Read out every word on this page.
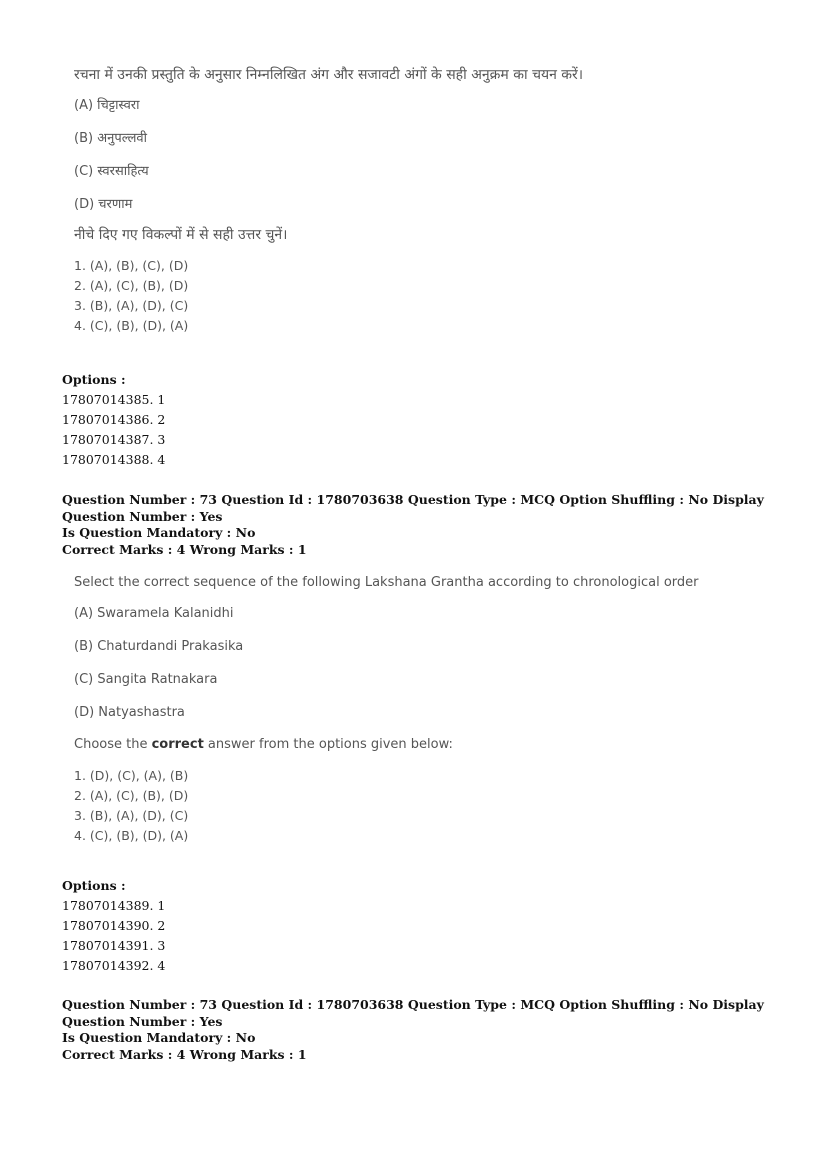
रचना में उनकी प्रस्तुति के अनुसार निम्नलिखित अंग और सजावटी अंगों के सही अनुक्रम का चयन करें।

(A) चिट्टास्वरा

(B) अनुपल्लवी

(C) स्वरसाहित्य

(D) चरणाम

नीचे दिए गए विकल्पों में से सही उत्तर चुनें।

1. (A), (B), (C), (D)
2. (A), (C), (B), (D)
3. (B), (A), (D), (C)
4. (C), (B), (D), (A)

Options :

17807014385. 1

17807014386. 2

17807014387. 3

17807014388. 4

Question Number : 73 Question Id : 1780703638 Question Type : MCQ Option Shuffling : No Display Question Number : Yes

Is Question Mandatory : No

Correct Marks : 4 Wrong Marks : 1

Select the correct sequence of the following Lakshana Grantha according to chronological order

(A) Swaramela Kalanidhi

(B) Chaturdandi Prakasika

(C) Sangita Ratnakara

(D) Natyashastra

Choose the correct answer from the options given below:

1. (D), (C), (A), (B)
2. (A), (C), (B), (D)
3. (B), (A), (D), (C)
4. (C), (B), (D), (A)

Options :

17807014389. 1

17807014390. 2

17807014391. 3

17807014392. 4

Question Number : 73 Question Id : 1780703638 Question Type : MCQ Option Shuffling : No Display Question Number : Yes

Is Question Mandatory : No

Correct Marks : 4 Wrong Marks : 1
